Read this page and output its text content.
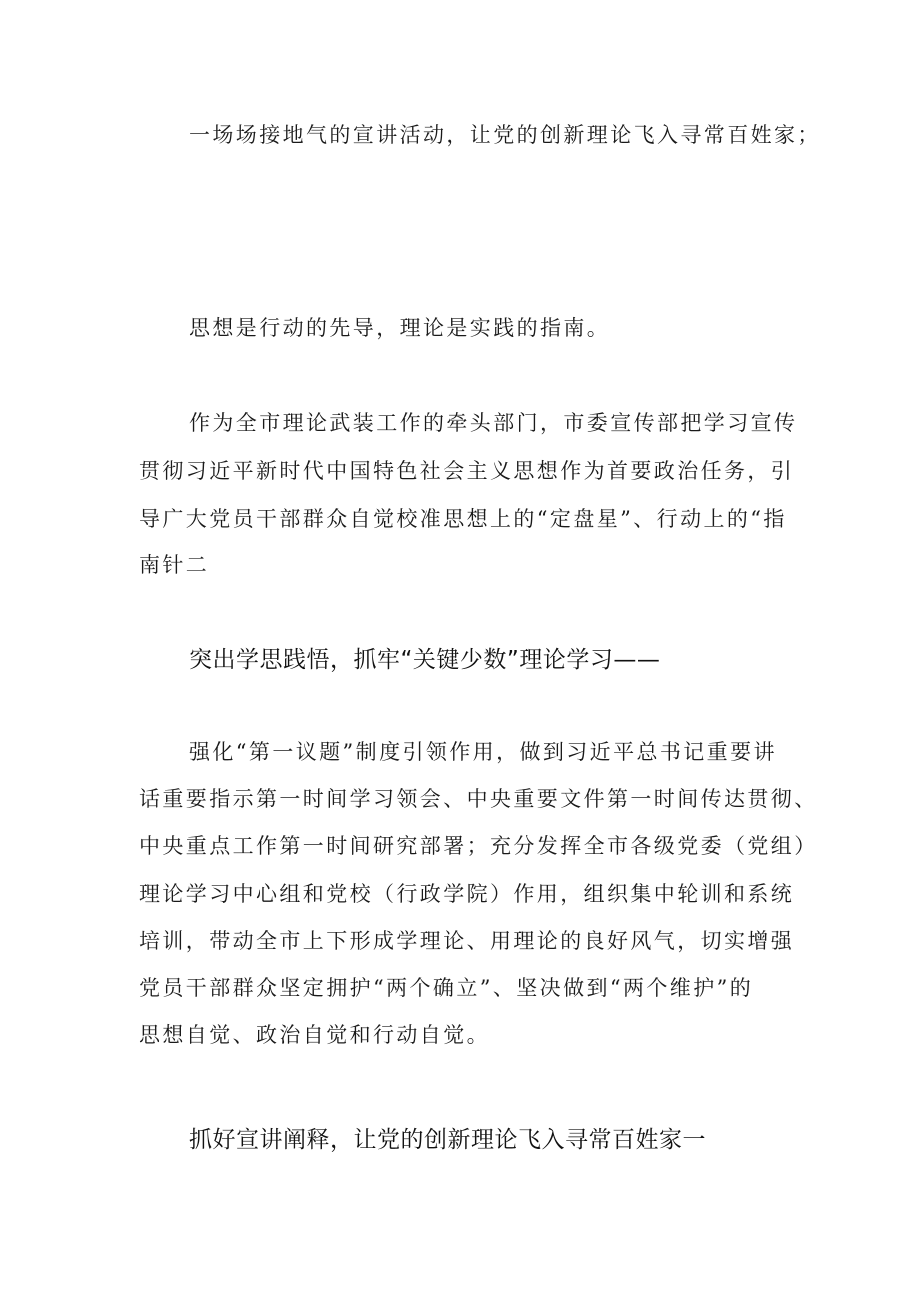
一场场接地气的宣讲活动，让党的创新理论飞入寻常百姓家；
思想是行动的先导，理论是实践的指南。
作为全市理论武装工作的牵头部门，市委宣传部把学习宣传
贯彻习近平新时代中国特色社会主义思想作为首要政治任务，引
导广大党员干部群众自觉校准思想上的“定盘星”、行动上的“指
南针二
突出学思践悟，抓牢“关键少数”理论学习——
强化“第一议题”制度引领作用，做到习近平总书记重要讲
话重要指示第一时间学习领会、中央重要文件第一时间传达贯彻、
中央重点工作第一时间研究部署；充分发挥全市各级党委（党组）
理论学习中心组和党校（行政学院）作用，组织集中轮训和系统
培训，带动全市上下形成学理论、用理论的良好风气，切实增强
党员干部群众坚定拥护“两个确立”、坚决做到“两个维护”的
思想自觉、政治自觉和行动自觉。
抓好宣讲阐释，让党的创新理论飞入寻常百姓家一
